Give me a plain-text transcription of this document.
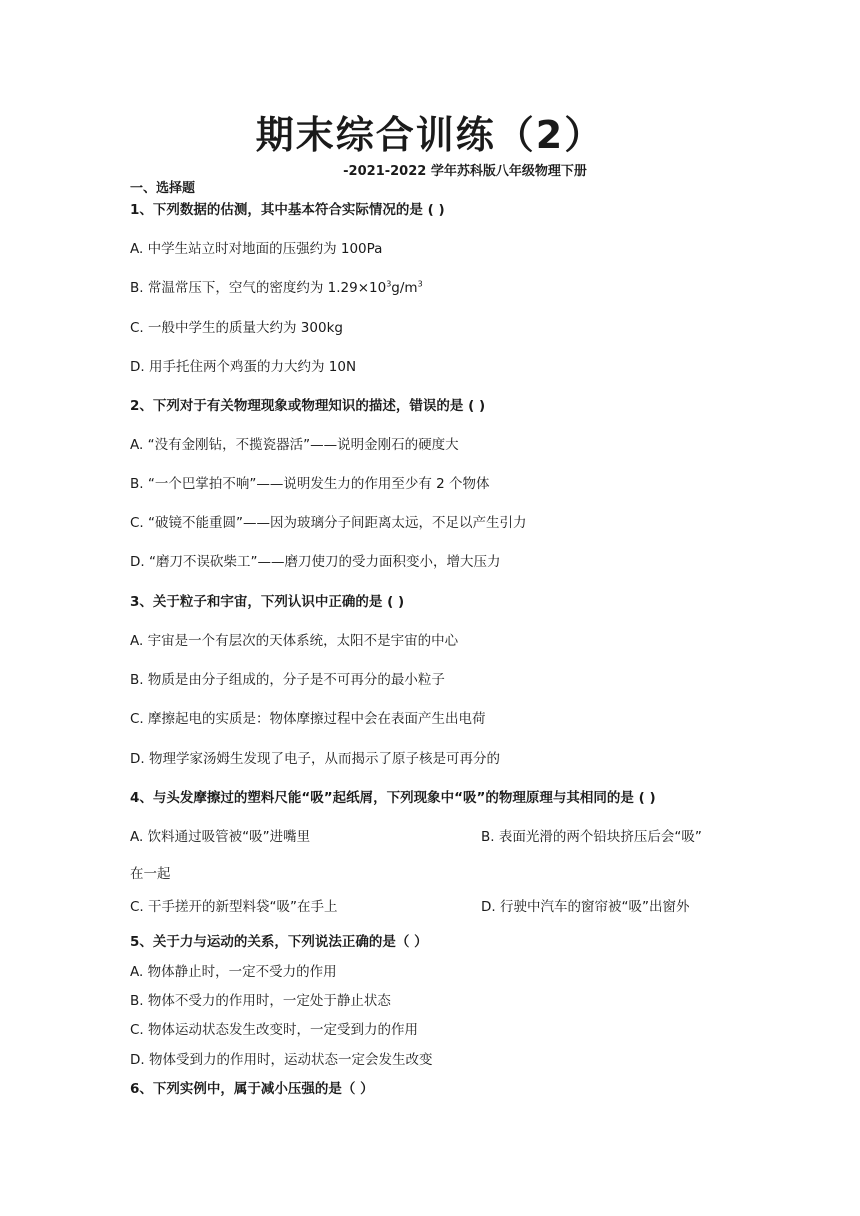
期末综合训练（2）
-2021-2022 学年苏科版八年级物理下册
一、选择题
1、下列数据的估测，其中基本符合实际情况的是 ( )
A. 中学生站立时对地面的压强约为 100Pa
B. 常温常压下，空气的密度约为 $1.29\times 10^3g/m^3$
C. 一般中学生的质量大约为 300kg
D. 用手托住两个鸡蛋的力大约为 10N
2、下列对于有关物理现象或物理知识的描述，错误的是 ( )
A. “没有金刚钻，不揽瓷器活”——说明金刚石的硬度大
B. “一个巴掌拍不响”——说明发生力的作用至少有 2 个物体
C. “破镜不能重圆”——因为玻璃分子间距离太远，不足以产生引力
D. “磨刀不误砍柴工”——磨刀使刀的受力面积变小，增大压力
3、关于粒子和宇宙，下列认识中正确的是 ( )
A. 宇宙是一个有层次的天体系统，太阳不是宇宙的中心
B. 物质是由分子组成的，分子是不可再分的最小粒子
C. 摩擦起电的实质是：物体摩擦过程中会在表面产生出电荷
D. 物理学家汤姆生发现了电子，从而揭示了原子核是可再分的
4、与头发摩擦过的塑料尺能“吸”起纸屑，下列现象中“吸”的物理原理与其相同的是 ( )
A. 饮料通过吸管被“吸”进嘴里	B. 表面光滑的两个铅块挤压后会“吸”
在一起
C. 干手搓开的新型料袋“吸”在手上	D. 行驶中汽车的窗帘被“吸”出窗外
5、关于力与运动的关系，下列说法正确的是（ ）
A. 物体静止时，一定不受力的作用
B. 物体不受力的作用时，一定处于静止状态
C. 物体运动状态发生改变时，一定受到力的作用
D. 物体受到力的作用时，运动状态一定会发生改变
6、下列实例中，属于减小压强的是（ ）
